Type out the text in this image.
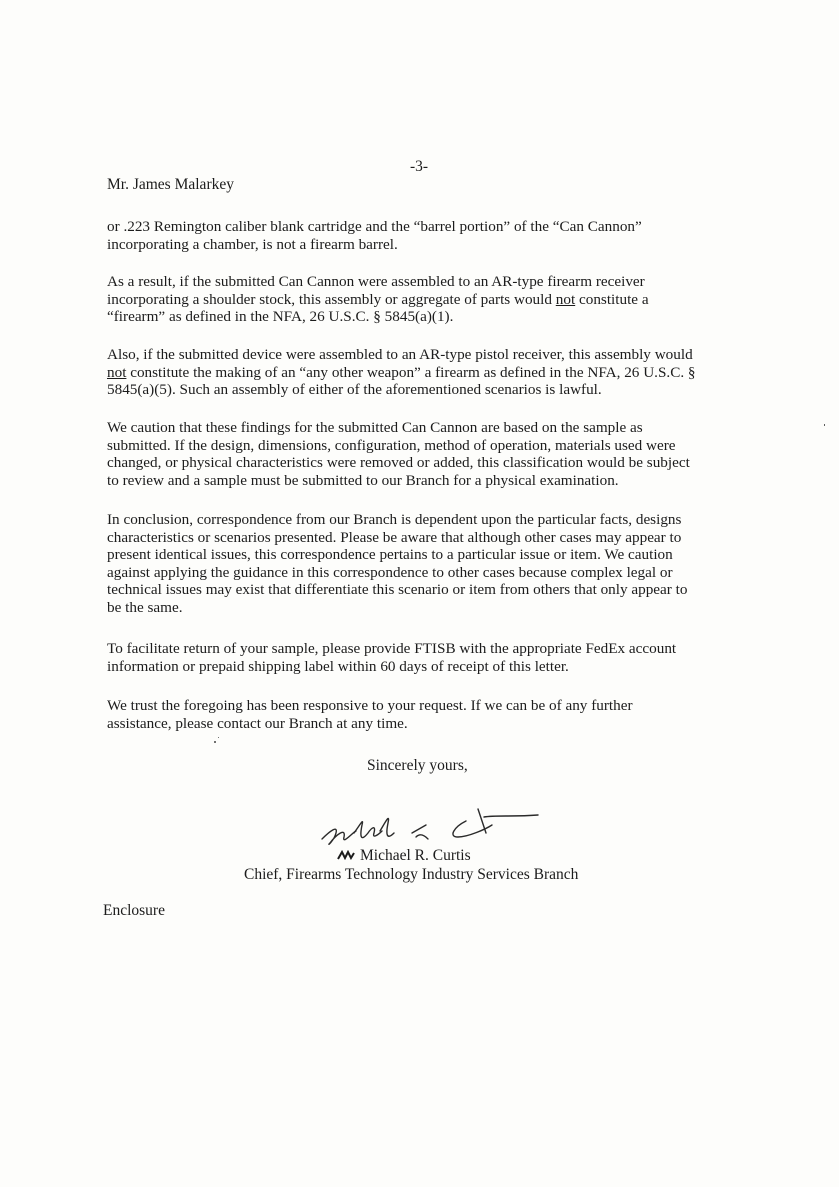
-3-
Mr. James Malarkey

or .223 Remington caliber blank cartridge and the “barrel portion” of the “Can Cannon”
incorporating a chamber, is not a firearm barrel.

As a result, if the submitted Can Cannon were assembled to an AR-type firearm receiver
incorporating a shoulder stock, this assembly or aggregate of parts would not constitute a
“firearm” as defined in the NFA, 26 U.S.C. § 5845(a)(1).

Also, if the submitted device were assembled to an AR-type pistol receiver, this assembly would
not constitute the making of an “any other weapon” a firearm as defined in the NFA, 26 U.S.C. §
5845(a)(5). Such an assembly of either of the aforementioned scenarios is lawful.

We caution that these findings for the submitted Can Cannon are based on the sample as
submitted. If the design, dimensions, configuration, method of operation, materials used were
changed, or physical characteristics were removed or added, this classification would be subject
to review and a sample must be submitted to our Branch for a physical examination.

In conclusion, correspondence from our Branch is dependent upon the particular facts, designs
characteristics or scenarios presented. Please be aware that although other cases may appear to
present identical issues, this correspondence pertains to a particular issue or item. We caution
against applying the guidance in this correspondence to other cases because complex legal or
technical issues may exist that differentiate this scenario or item from others that only appear to
be the same.

To facilitate return of your sample, please provide FTISB with the appropriate FedEx account
information or prepaid shipping label within 60 days of receipt of this letter.

We trust the foregoing has been responsive to your request. If we can be of any further
assistance, please contact our Branch at any time.

Sincerely yours,
Michael R. Curtis
Chief, Firearms Technology Industry Services Branch
Enclosure
